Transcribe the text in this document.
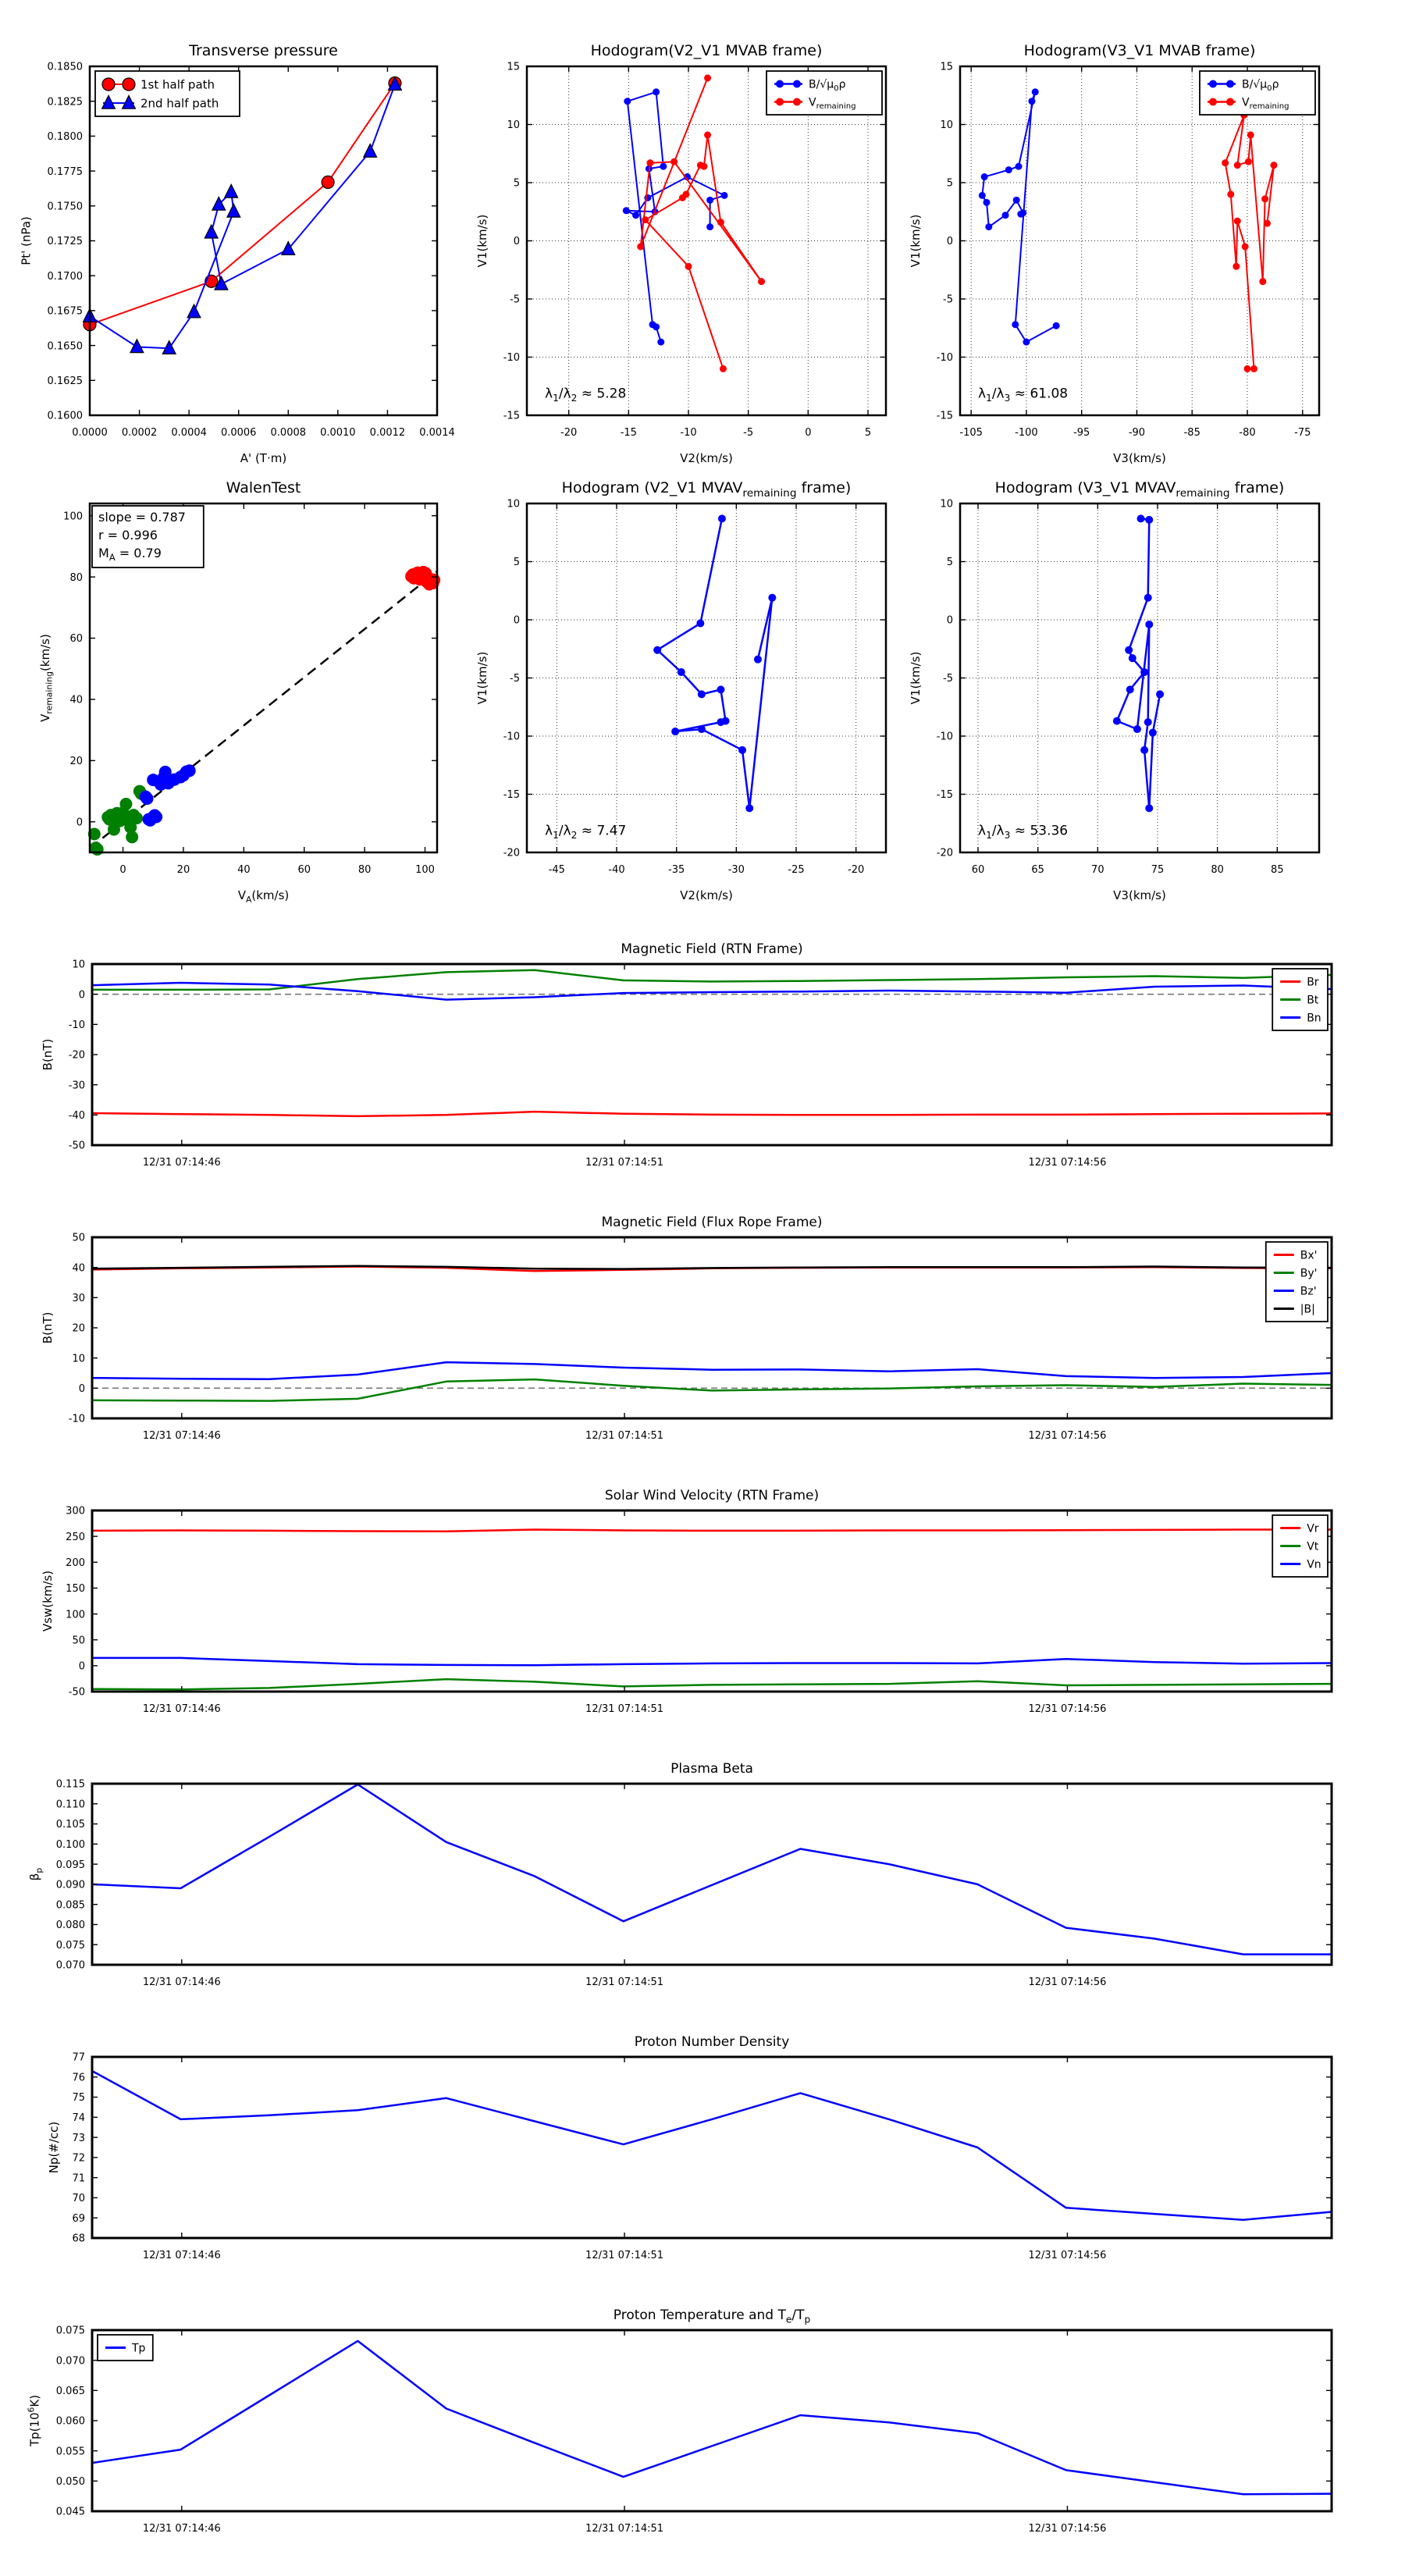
0.0000 0.0002 0.0004 0.0006 0.0008 0.0010 0.0012 0.0014
0.1600
0.1625
0.1650
0.1675
0.1700
0.1725
0.1750
0.1775
0.1800
0.1825
0.1850
Transverse pressure
A' (T·m)
Pt' (nPa)
1st half path
2nd half path
-20	-15	-10	-5	0	5
-15
-10
-5
0
5
10
15
Hodogram(V2_V1 MVAB frame)
V2(km/s)
V1(km/s)
$\lambda_1/\lambda_2 \approx 5.28$
$B/√\mu_0\rho$
$V_{remaining}$
-105	-100	-95	-90	-85	-80	-75
-15
-10
-5
0
5
10
15
Hodogram(V3_V1 MVAB frame)
V3(km/s)
V1(km/s)
$\lambda_1/\lambda_3 \approx 61.08$
$B/√\mu_0\rho$
$V_{remaining}$
0	20	40	60	80	100
0
20
40
60
80
100
WalenTest
$V_A(km/s)$
$V_{remaining}(km/s)$
slope = 0.787
r = 0.996
$M_A = 0.79$
-45	-40	-35	-30	-25	-20
-20
-15
-10
-5
0
5
10
Hodogram (V2_V1 $MVAV_{remaining}$ frame)
V2(km/s)
V1(km/s)
$\lambda_1/\lambda_2 \approx 7.47$
60	65	70	75	80	85
-20
-15
-10
-5
0
5
10
Hodogram (V3_V1 $MVAV_{remaining}$ frame)
V3(km/s)
V1(km/s)
$\lambda_1/\lambda_3 \approx 53.36$
12/31 07:14:46	12/31 07:14:51	12/31 07:14:56
-50
-40
-30
-20
-10
0
10
Magnetic Field (RTN Frame)
B(nT)
Br
Bt
Bn
12/31 07:14:46	12/31 07:14:51	12/31 07:14:56
-10
0
10
20
30
40
50
Magnetic Field (Flux Rope Frame)
B(nT)
Bx'
By'
Bz'
|B|
12/31 07:14:46	12/31 07:14:51	12/31 07:14:56
-50
0
50
100
150
200
250
300
Solar Wind Velocity (RTN Frame)
Vsw(km/s)
Vr
Vt
Vn
12/31 07:14:46	12/31 07:14:51	12/31 07:14:56
0.070
0.075
0.080
0.085
0.090
0.095
0.100
0.105
0.110
0.115
Plasma Beta
$\beta_p$
12/31 07:14:46	12/31 07:14:51	12/31 07:14:56
68
69
70
71
72
73
74
75
76
77
Proton Number Density
Np(#/cc)
12/31 07:14:46	12/31 07:14:51	12/31 07:14:56
0.045
0.050
0.055
0.060
0.065
0.070
0.075
Proton Temperature and $T_e/T_p$
$Tp(10^6K)$
Tp
